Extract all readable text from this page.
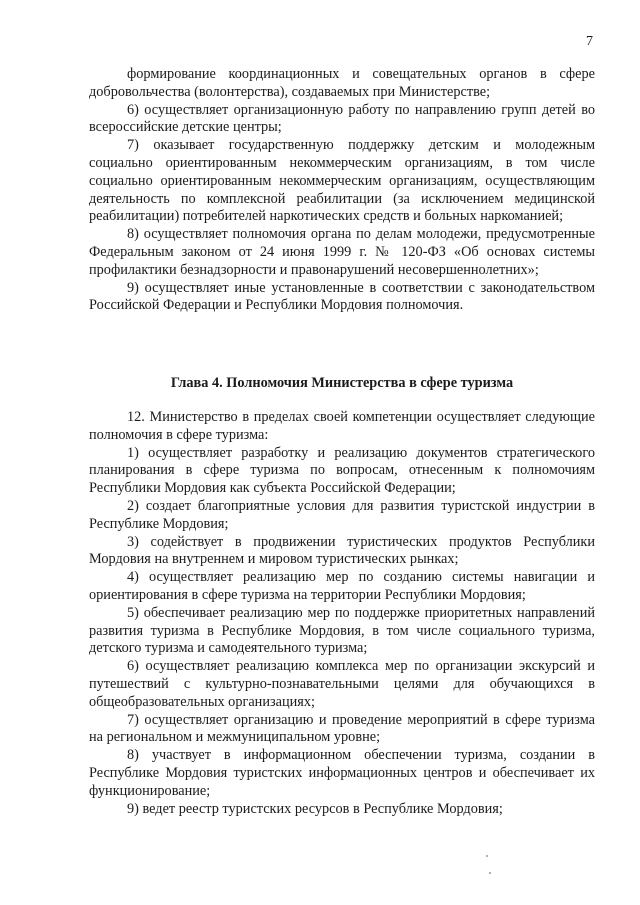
7

формирование координационных и совещательных органов в сфере добровольчества (волонтерства), создаваемых при Министерстве;

6) осуществляет организационную работу по направлению групп детей во всероссийские детские центры;

7) оказывает государственную поддержку детским и молодежным социально ориентированным некоммерческим организациям, в том числе социально ориентированным некоммерческим организациям, осуществляющим деятельность по комплексной реабилитации (за исключением медицинской реабилитации) потребителей наркотических средств и больных наркоманией;

8) осуществляет полномочия органа по делам молодежи, предусмотренные Федеральным законом от 24 июня 1999 г. № 120-ФЗ «Об основах системы профилактики безнадзорности и правонарушений несовершеннолетних»;

9) осуществляет иные установленные в соответствии с законодательством Российской Федерации и Республики Мордовия полномочия.

Глава 4. Полномочия Министерства в сфере туризма

12. Министерство в пределах своей компетенции осуществляет следующие полномочия в сфере туризма:

1) осуществляет разработку и реализацию документов стратегического планирования в сфере туризма по вопросам, отнесенным к полномочиям Республики Мордовия как субъекта Российской Федерации;

2) создает благоприятные условия для развития туристской индустрии в Республике Мордовия;

3) содействует в продвижении туристических продуктов Республики Мордовия на внутреннем и мировом туристических рынках;

4) осуществляет реализацию мер по созданию системы навигации и ориентирования в сфере туризма на территории Республики Мордовия;

5) обеспечивает реализацию мер по поддержке приоритетных направлений развития туризма в Республике Мордовия, в том числе социального туризма, детского туризма и самодеятельного туризма;

6) осуществляет реализацию комплекса мер по организации экскурсий и путешествий с культурно-познавательными целями для обучающихся в общеобразовательных организациях;

7) осуществляет организацию и проведение мероприятий в сфере туризма на региональном и межмуниципальном уровне;

8) участвует в информационном обеспечении туризма, создании в Республике Мордовия туристских информационных центров и обеспечивает их функционирование;

9) ведет реестр туристских ресурсов в Республике Мордовия;
